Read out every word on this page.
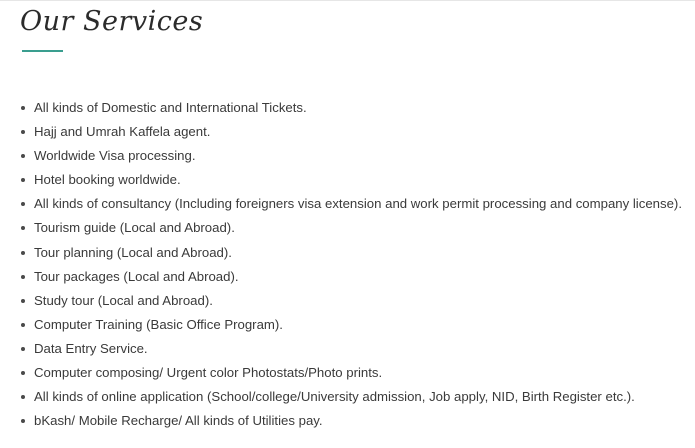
Our Services
All kinds of Domestic and International Tickets.
Hajj and Umrah Kaffela agent.
Worldwide Visa processing.
Hotel booking worldwide.
All kinds of consultancy (Including foreigners visa extension and work permit processing and company license).
Tourism guide (Local and Abroad).
Tour planning (Local and Abroad).
Tour packages (Local and Abroad).
Study tour (Local and Abroad).
Computer Training (Basic Office Program).
Data Entry Service.
Computer composing/ Urgent color Photostats/Photo prints.
All kinds of online application (School/college/University admission, Job apply, NID, Birth Register etc.).
bKash/ Mobile Recharge/ All kinds of Utilities pay.
